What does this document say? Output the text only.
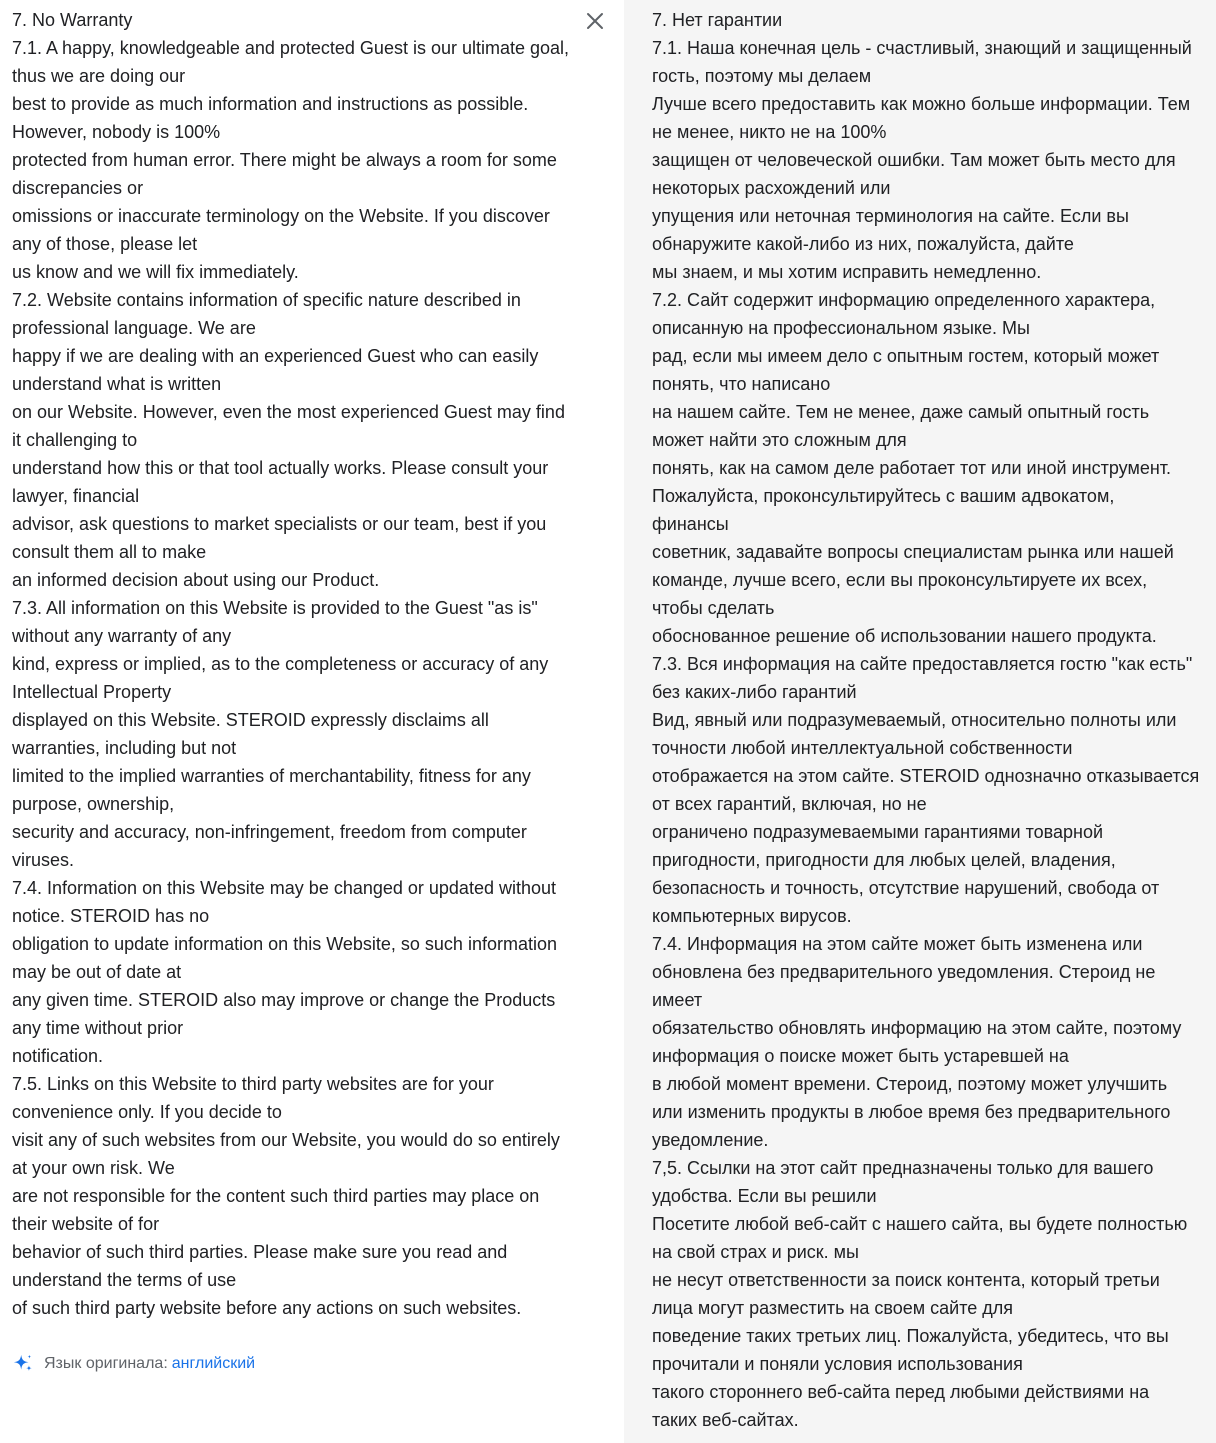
7. No Warranty
7.1. A happy, knowledgeable and protected Guest is our ultimate goal,
thus we are doing our
best to provide as much information and instructions as possible.
However, nobody is 100%
protected from human error. There might be always a room for some
discrepancies or
omissions or inaccurate terminology on the Website. If you discover
any of those, please let
us know and we will fix immediately.
7.2. Website contains information of specific nature described in
professional language. We are
happy if we are dealing with an experienced Guest who can easily
understand what is written
on our Website. However, even the most experienced Guest may find
it challenging to
understand how this or that tool actually works. Please consult your
lawyer, financial
advisor, ask questions to market specialists or our team, best if you
consult them all to make
an informed decision about using our Product.
7.3. All information on this Website is provided to the Guest "as is"
without any warranty of any
kind, express or implied, as to the completeness or accuracy of any
Intellectual Property
displayed on this Website. STEROID expressly disclaims all
warranties, including but not
limited to the implied warranties of merchantability, fitness for any
purpose, ownership,
security and accuracy, non-infringement, freedom from computer
viruses.
7.4. Information on this Website may be changed or updated without
notice. STEROID has no
obligation to update information on this Website, so such information
may be out of date at
any given time. STEROID also may improve or change the Products
any time without prior
notification.
7.5. Links on this Website to third party websites are for your
convenience only. If you decide to
visit any of such websites from our Website, you would do so entirely
at your own risk. We
are not responsible for the content such third parties may place on
their website of for
behavior of such third parties. Please make sure you read and
understand the terms of use
of such third party website before any actions on such websites.
Язык оригинала: английский
7. Нет гарантии
7.1. Наша конечная цель - счастливый, знающий и защищенный
гость, поэтому мы делаем
Лучше всего предоставить как можно больше информации. Тем
не менее, никто не на 100%
защищен от человеческой ошибки. Там может быть место для
некоторых расхождений или
упущения или неточная терминология на сайте. Если вы
обнаружите какой-либо из них, пожалуйста, дайте
мы знаем, и мы хотим исправить немедленно.
7.2. Сайт содержит информацию определенного характера,
описанную на профессиональном языке. Мы
рад, если мы имеем дело с опытным гостем, который может
понять, что написано
на нашем сайте. Тем не менее, даже самый опытный гость
может найти это сложным для
понять, как на самом деле работает тот или иной инструмент.
Пожалуйста, проконсультируйтесь с вашим адвокатом,
финансы
советник, задавайте вопросы специалистам рынка или нашей
команде, лучше всего, если вы проконсультируете их всех,
чтобы сделать
обоснованное решение об использовании нашего продукта.
7.3. Вся информация на сайте предоставляется гостю "как есть"
без каких-либо гарантий
Вид, явный или подразумеваемый, относительно полноты или
точности любой интеллектуальной собственности
отображается на этом сайте. STEROID однозначно отказывается
от всех гарантий, включая, но не
ограничено подразумеваемыми гарантиями товарной
пригодности, пригодности для любых целей, владения,
безопасность и точность, отсутствие нарушений, свобода от
компьютерных вирусов.
7.4. Информация на этом сайте может быть изменена или
обновлена без предварительного уведомления. Стероид не
имеет
обязательство обновлять информацию на этом сайте, поэтому
информация о поиске может быть устаревшей на
в любой момент времени. Стероид, поэтому может улучшить
или изменить продукты в любое время без предварительного
уведомление.
7,5. Ссылки на этот сайт предназначены только для вашего
удобства. Если вы решили
Посетите любой веб-сайт с нашего сайта, вы будете полностью
на свой страх и риск. мы
не несут ответственности за поиск контента, который третьи
лица могут разместить на своем сайте для
поведение таких третьих лиц. Пожалуйста, убедитесь, что вы
прочитали и поняли условия использования
такого стороннего веб-сайта перед любыми действиями на
таких веб-сайтах.
